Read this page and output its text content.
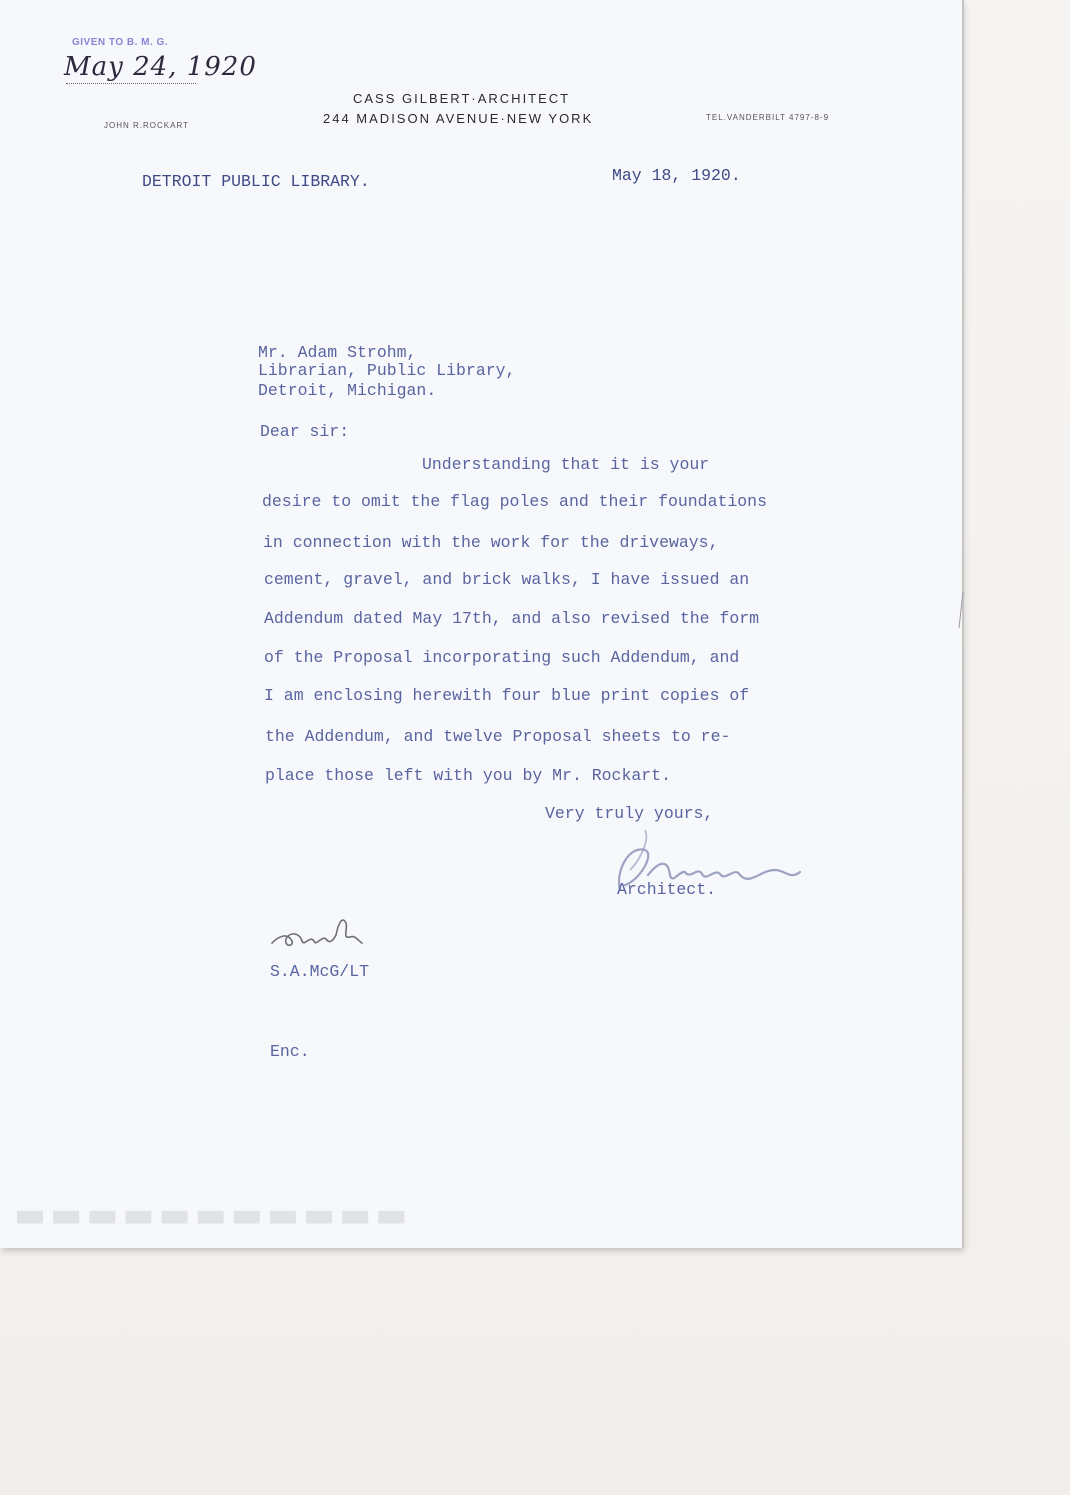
GIVEN TO B. M. G.
May 24, 1920
JOHN R.ROCKART
CASS GILBERT·ARCHITECT
244 MADISON AVENUE·NEW YORK	TEL.VANDERBILT 4797-8-9
DETROIT PUBLIC LIBRARY.	May 18, 1920.
Mr. Adam Strohm,
Librarian, Public Library,
Detroit, Michigan.
Dear sir:
Understanding that it is your
desire to omit the flag poles and their foundations
in connection with the work for the driveways,
cement, gravel, and brick walks, I have issued an
Addendum dated May 17th, and also revised the form
of the Proposal incorporating such Addendum, and
I am enclosing herewith four blue print copies of
the Addendum, and twelve Proposal sheets to re-
place those left with you by Mr. Rockart.
Very truly yours,
Architect.
S.A.McG/LT
Enc.
▬▬▬▬▬▬▬▬▬▬▬
